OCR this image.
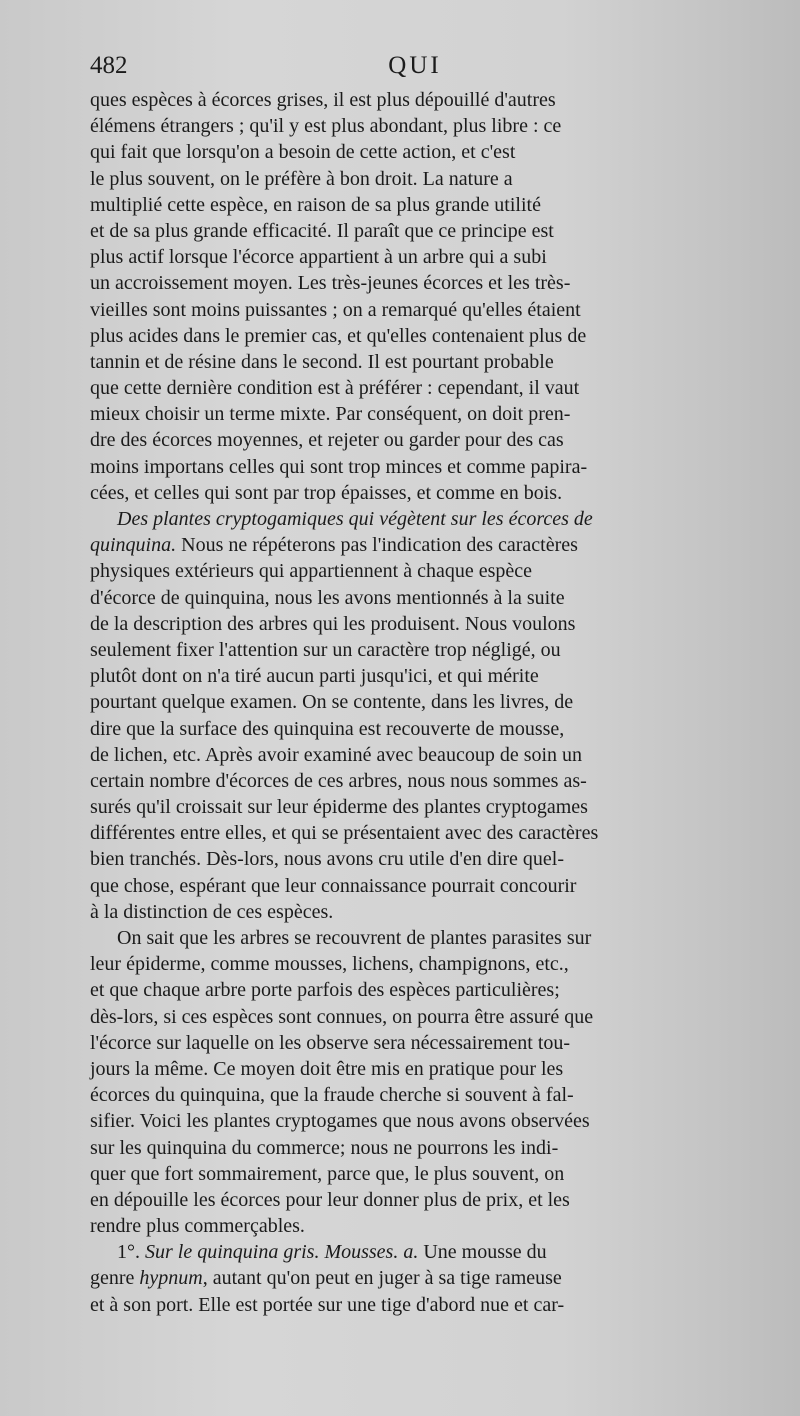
482	QUI
ques espèces à écorces grises, il est plus dépouillé d'autres
élémens étrangers ; qu'il y est plus abondant, plus libre : ce
qui fait que lorsqu'on a besoin de cette action, et c'est
le plus souvent, on le préfère à bon droit. La nature a
multiplié cette espèce, en raison de sa plus grande utilité
et de sa plus grande efficacité. Il paraît que ce principe est
plus actif lorsque l'écorce appartient à un arbre qui a subi
un accroissement moyen. Les très-jeunes écorces et les très-
vieilles sont moins puissantes ; on a remarqué qu'elles étaient
plus acides dans le premier cas, et qu'elles contenaient plus de
tannin et de résine dans le second. Il est pourtant probable
que cette dernière condition est à préférer : cependant, il vaut
mieux choisir un terme mixte. Par conséquent, on doit pren-
dre des écorces moyennes, et rejeter ou garder pour des cas
moins importans celles qui sont trop minces et comme papira-
cées, et celles qui sont par trop épaisses, et comme en bois.
Des plantes cryptogamiques qui végètent sur les écorces de
quinquina. Nous ne répéterons pas l'indication des caractères
physiques extérieurs qui appartiennent à chaque espèce
d'écorce de quinquina, nous les avons mentionnés à la suite
de la description des arbres qui les produisent. Nous voulons
seulement fixer l'attention sur un caractère trop négligé, ou
plutôt dont on n'a tiré aucun parti jusqu'ici, et qui mérite
pourtant quelque examen. On se contente, dans les livres, de
dire que la surface des quinquina est recouverte de mousse,
de lichen, etc. Après avoir examiné avec beaucoup de soin un
certain nombre d'écorces de ces arbres, nous nous sommes as-
surés qu'il croissait sur leur épiderme des plantes cryptogames
différentes entre elles, et qui se présentaient avec des caractères
bien tranchés. Dès-lors, nous avons cru utile d'en dire quel-
que chose, espérant que leur connaissance pourrait concourir
à la distinction de ces espèces.
On sait que les arbres se recouvrent de plantes parasites sur
leur épiderme, comme mousses, lichens, champignons, etc.,
et que chaque arbre porte parfois des espèces particulières;
dès-lors, si ces espèces sont connues, on pourra être assuré que
l'écorce sur laquelle on les observe sera nécessairement tou-
jours la même. Ce moyen doit être mis en pratique pour les
écorces du quinquina, que la fraude cherche si souvent à fal-
sifier. Voici les plantes cryptogames que nous avons observées
sur les quinquina du commerce; nous ne pourrons les indi-
quer que fort sommairement, parce que, le plus souvent, on
en dépouille les écorces pour leur donner plus de prix, et les
rendre plus commerçables.
1°. Sur le quinquina gris. Mousses. a. Une mousse du
genre hypnum, autant qu'on peut en juger à sa tige rameuse
et à son port. Elle est portée sur une tige d'abord nue et car-
